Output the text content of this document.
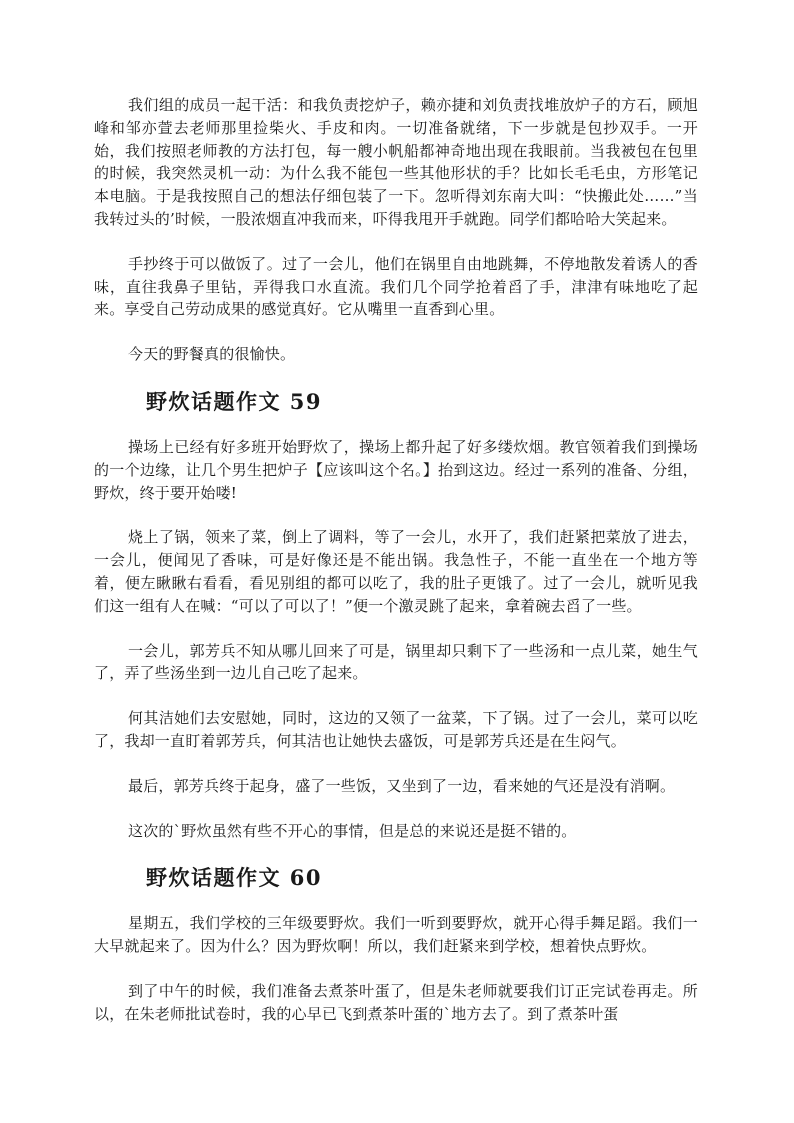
我们组的成员一起干活：和我负责挖炉子，赖亦捷和刘负责找堆放炉子的方石，顾旭峰和邹亦萱去老师那里捡柴火、手皮和肉。一切准备就绪，下一步就是包抄双手。一开始，我们按照老师教的方法打包，每一艘小帆船都神奇地出现在我眼前。当我被包在包里的时候，我突然灵机一动：为什么我不能包一些其他形状的手？比如长毛毛虫，方形笔记本电脑。于是我按照自己的想法仔细包装了一下。忽听得刘东南大叫：“快搬此处……”当我转过头的’时候，一股浓烟直冲我而来，吓得我甩开手就跑。同学们都哈哈大笑起来。

手抄终于可以做饭了。过了一会儿，他们在锅里自由地跳舞，不停地散发着诱人的香味，直往我鼻子里钻，弄得我口水直流。我们几个同学抢着舀了手，津津有味地吃了起来。享受自己劳动成果的感觉真好。它从嘴里一直香到心里。

今天的野餐真的很愉快。

野炊话题作文 59

操场上已经有好多班开始野炊了，操场上都升起了好多缕炊烟。教官领着我们到操场的一个边缘，让几个男生把炉子【应该叫这个名。】抬到这边。经过一系列的准备、分组，野炊，终于要开始喽!

烧上了锅，领来了菜，倒上了调料，等了一会儿，水开了，我们赶紧把菜放了进去，一会儿，便闻见了香味，可是好像还是不能出锅。我急性子，不能一直坐在一个地方等着，便左瞅瞅右看看，看见别组的都可以吃了，我的肚子更饿了。过了一会儿，就听见我们这一组有人在喊：“可以了可以了！”便一个激灵跳了起来，拿着碗去舀了一些。

一会儿，郭芳兵不知从哪儿回来了可是，锅里却只剩下了一些汤和一点儿菜，她生气了，弄了些汤坐到一边儿自己吃了起来。

何其洁她们去安慰她，同时，这边的又领了一盆菜，下了锅。过了一会儿，菜可以吃了，我却一直盯着郭芳兵，何其洁也让她快去盛饭，可是郭芳兵还是在生闷气。

最后，郭芳兵终于起身，盛了一些饭，又坐到了一边，看来她的气还是没有消啊。

这次的`野炊虽然有些不开心的事情，但是总的来说还是挺不错的。

野炊话题作文 60

星期五，我们学校的三年级要野炊。我们一听到要野炊，就开心得手舞足蹈。我们一大早就起来了。因为什么？因为野炊啊！所以，我们赶紧来到学校，想着快点野炊。

到了中午的时候，我们准备去煮茶叶蛋了，但是朱老师就要我们订正完试卷再走。所以，在朱老师批试卷时，我的心早已飞到煮茶叶蛋的`地方去了。到了煮茶叶蛋
